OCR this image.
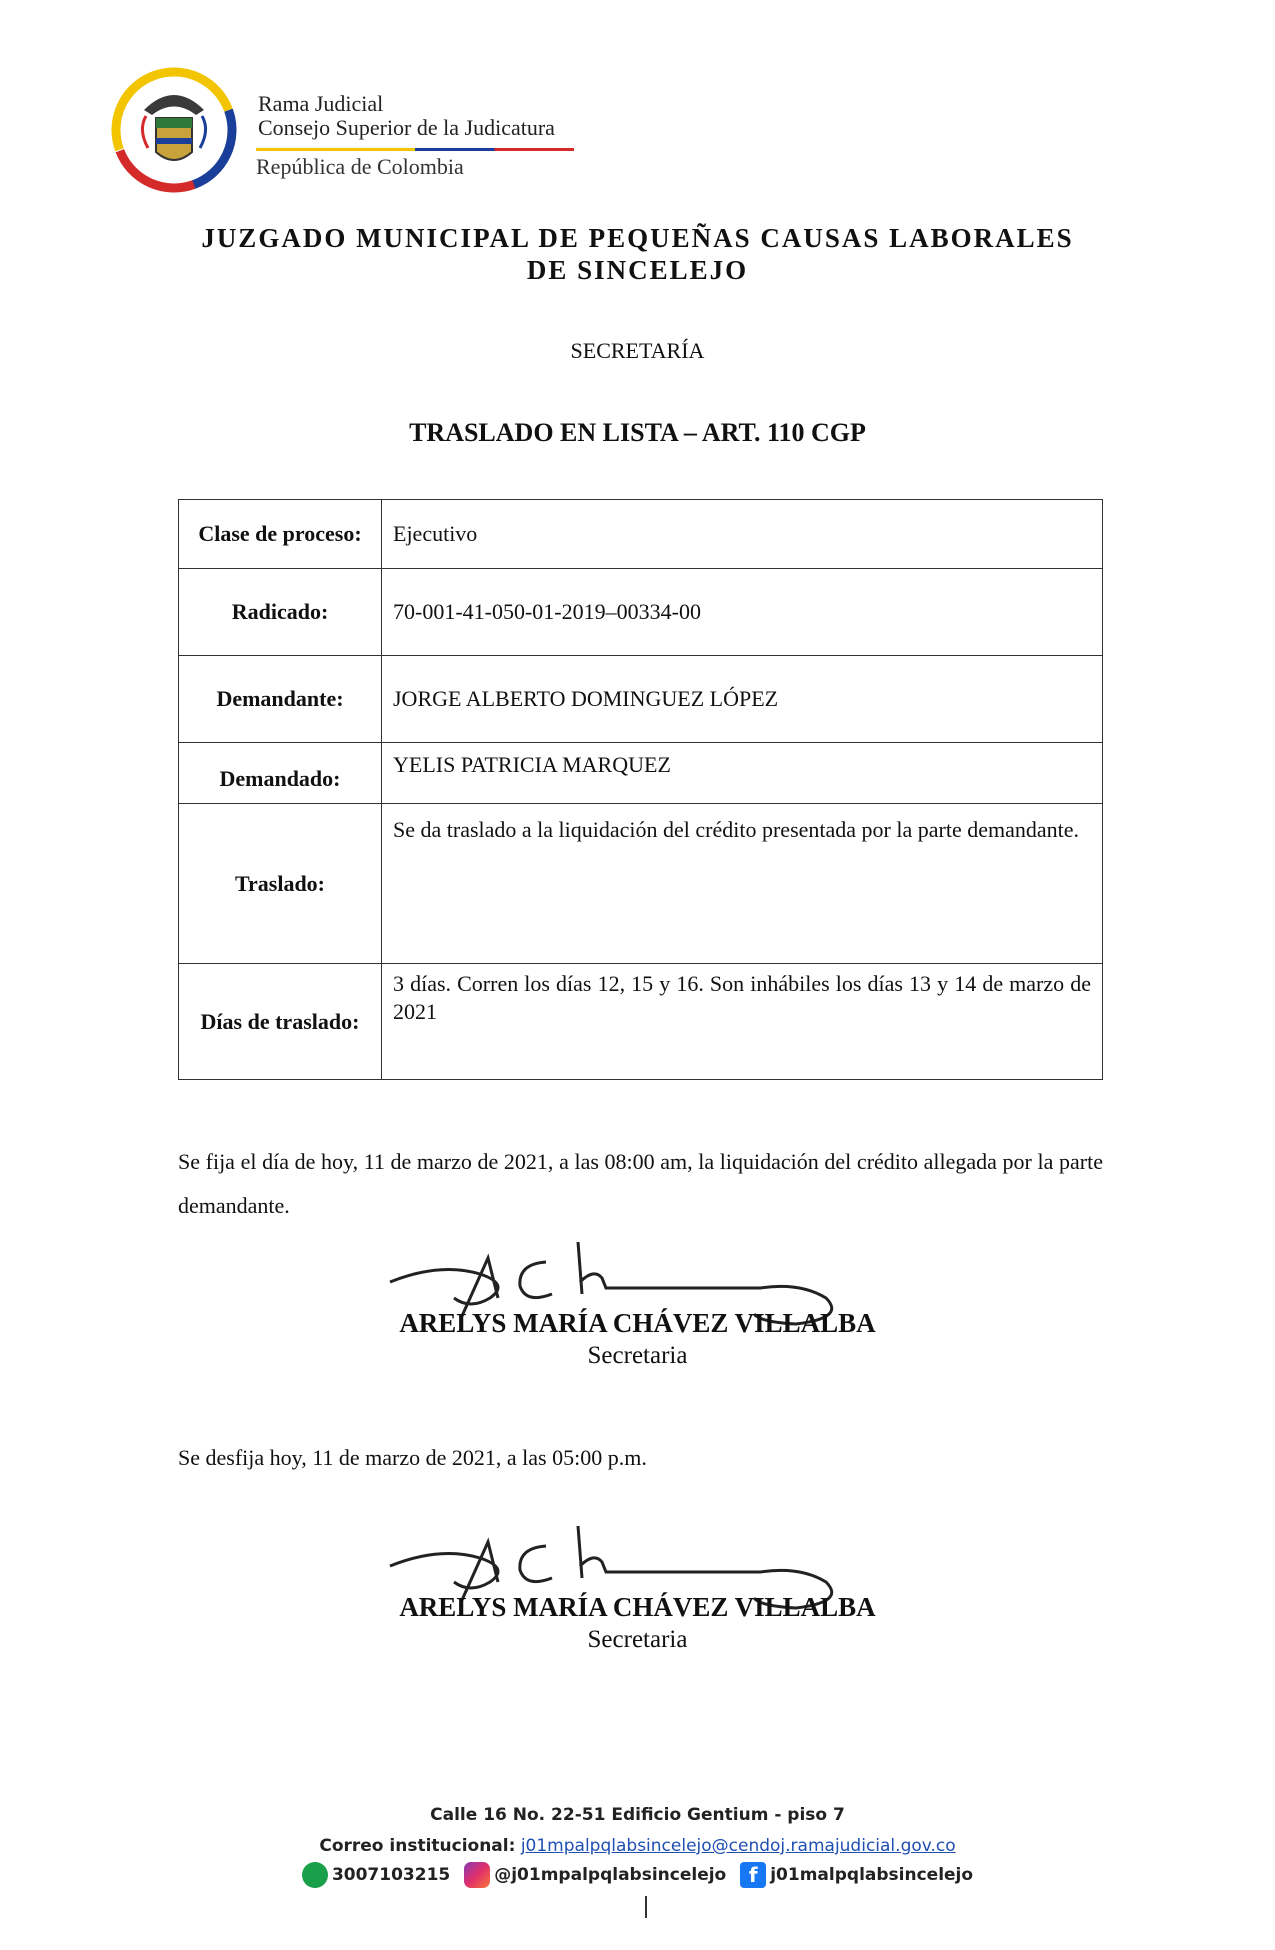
Rama Judicial
Consejo Superior de la Judicatura
República de Colombia
JUZGADO MUNICIPAL DE PEQUEÑAS CAUSAS LABORALES
DE SINCELEJO
SECRETARÍA
TRASLADO EN LISTA – ART. 110 CGP
Clase de proceso:	Ejecutivo
Radicado:	70-001-41-050-01-2019–00334-00
Demandante:	JORGE ALBERTO DOMINGUEZ LÓPEZ
Demandado:	YELIS PATRICIA MARQUEZ
Traslado:	Se da traslado a la liquidación del crédito presentada por la parte demandante.
Días de traslado:	3 días. Corren los días 12, 15 y 16. Son inhábiles los días 13 y 14 de marzo de 2021
Se fija el día de hoy, 11 de marzo de 2021, a las 08:00 am, la liquidación del crédito allegada por la parte demandante.
ARELYS MARÍA CHÁVEZ VILLALBA
Secretaria
Se desfija hoy, 11 de marzo de 2021, a las 05:00 p.m.
ARELYS MARÍA CHÁVEZ VILLALBA
Secretaria
Calle 16 No. 22-51 Edificio Gentium - piso 7
Correo institucional: j01mpalpqlabsincelejo@cendoj.ramajudicial.gov.co
3007103215	@j01mpalpqlabsincelejo	f j01malpqlabsincelejo
